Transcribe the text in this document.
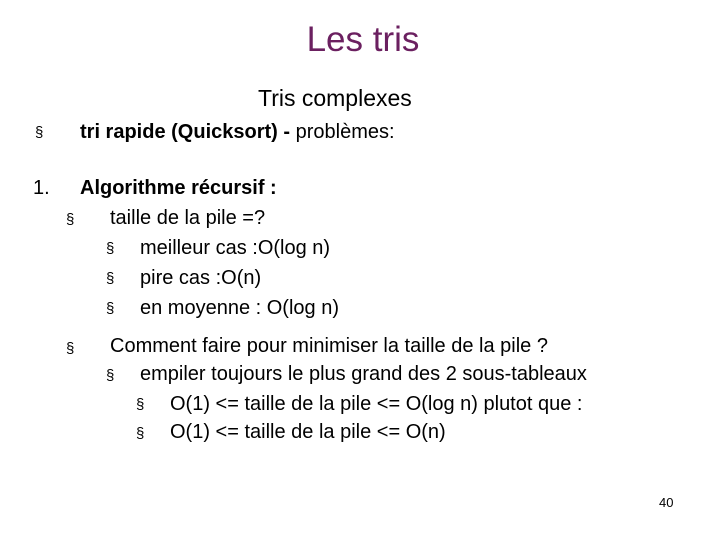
Les tris
Tris complexes
§ tri rapide (Quicksort) - problèmes:
1. Algorithme récursif :
§ taille de la pile =?
§ meilleur cas :O(log n)
§ pire cas :O(n)
§ en moyenne : O(log n)
§ Comment faire pour minimiser la taille de la pile ?
§ empiler toujours le plus grand des 2 sous-tableaux
§ O(1) <= taille de la pile <= O(log n) plutot que :
§ O(1) <= taille de la pile <= O(n)
40
